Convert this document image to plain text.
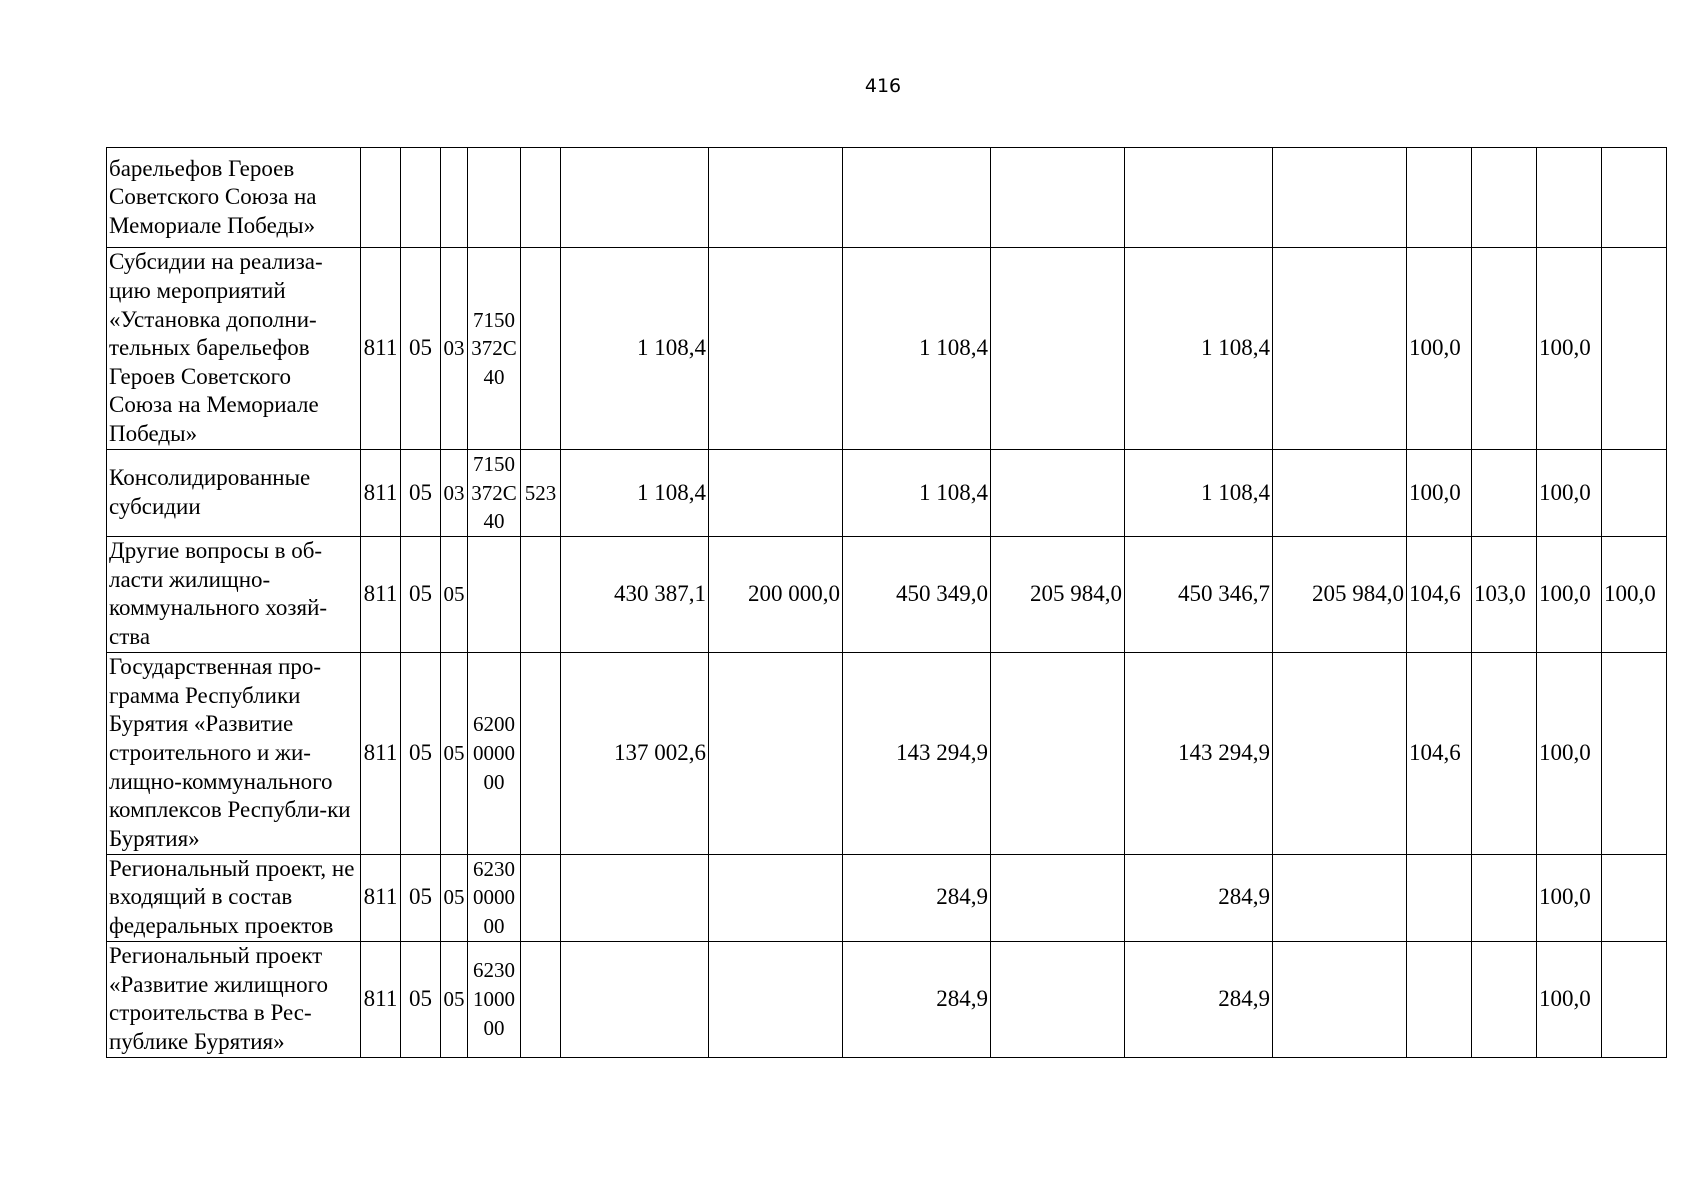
416
барельефов Героев Советского Союза на Мемориале Победы»															
Субсидии на реализа-цию мероприятий «Установка дополни-тельных барельефов Героев Советского Союза на Мемориале Победы»	811	05	03	7150
372С
40		1 108,4		1 108,4		1 108,4		100,0		100,0	
Консолидированные субсидии	811	05	03	7150
372С
40	523	1 108,4		1 108,4		1 108,4		100,0		100,0	
Другие вопросы в об-ласти жилищно-коммунального хозяй-ства	811	05	05			430 387,1	200 000,0	450 349,0	205 984,0	450 346,7	205 984,0	104,6	103,0	100,0	100,0
Государственная про-грамма Республики Бурятия «Развитие строительного и жи-лищно-коммунального комплексов Республи-ки Бурятия»	811	05	05	6200
0000
00		137 002,6		143 294,9		143 294,9		104,6		100,0	
Региональный проект, не входящий в состав федеральных проектов	811	05	05	6230
0000
00				284,9		284,9				100,0	
Региональный проект «Развитие жилищного строительства в Рес-публике Бурятия»	811	05	05	6230
1000
00				284,9		284,9				100,0	
